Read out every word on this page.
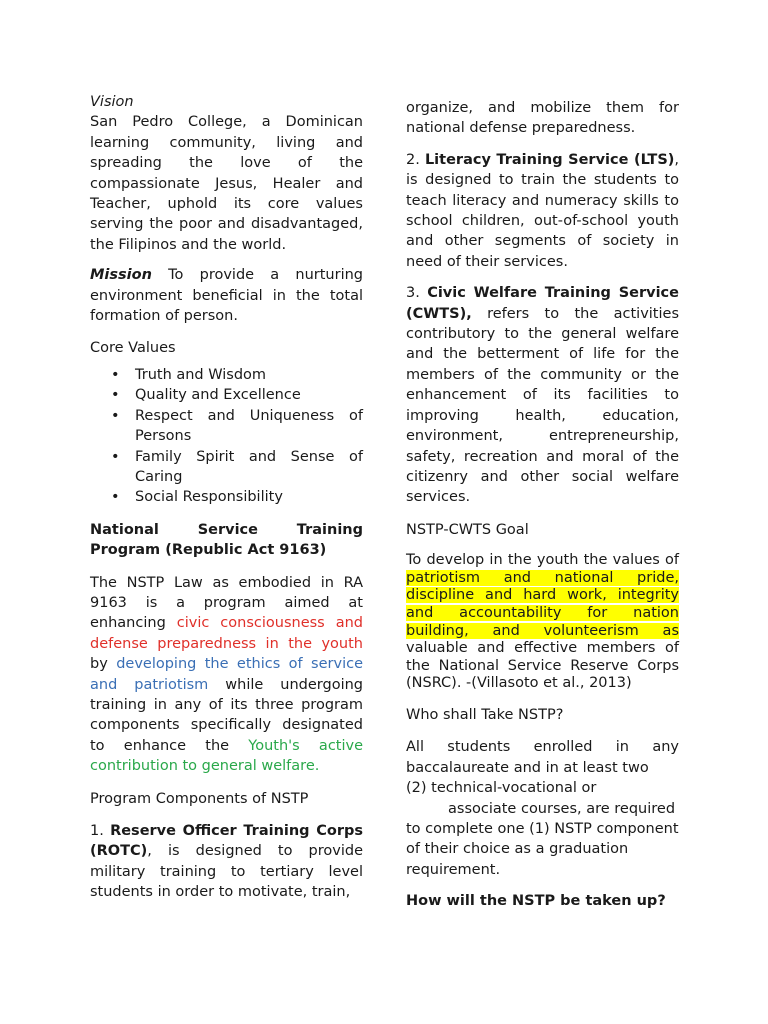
Vision

San Pedro College, a Dominican learning community, living and spreading the love of the compassionate Jesus, Healer and Teacher, uphold its core values serving the poor and disadvantaged, the Filipinos and the world.

Mission To provide a nurturing environment beneficial in the total formation of person.

Core Values

• Truth and Wisdom
• Quality and Excellence
• Respect and Uniqueness of Persons
• Family Spirit and Sense of Caring
• Social Responsibility

National Service Training Program (Republic Act 9163)

The NSTP Law as embodied in RA 9163 is a program aimed at enhancing civic consciousness and defense preparedness in the youth by developing the ethics of service and patriotism while undergoing training in any of its three program components specifically designated to enhance the Youth's active contribution to general welfare.

Program Components of NSTP

1. Reserve Officer Training Corps (ROTC), is designed to provide military training to tertiary level students in order to motivate, train,

organize, and mobilize them for national defense preparedness.

2. Literacy Training Service (LTS), is designed to train the students to teach literacy and numeracy skills to school children, out-of-school youth and other segments of society in need of their services.

3. Civic Welfare Training Service (CWTS), refers to the activities contributory to the general welfare and the betterment of life for the members of the community or the enhancement of its facilities to improving health, education, environment, entrepreneurship, safety, recreation and moral of the citizenry and other social welfare services.

NSTP-CWTS Goal

To develop in the youth the values of patriotism and national pride, discipline and hard work, integrity and accountability for nation building, and volunteerism as valuable and effective members of the National Service Reserve Corps (NSRC). -(Villasoto et al., 2013)

Who shall Take NSTP?

All students enrolled in any baccalaureate and in at least two

(2) technical-vocational or

associate courses, are required

to complete one (1) NSTP component of their choice as a graduation requirement.

How will the NSTP be taken up?
